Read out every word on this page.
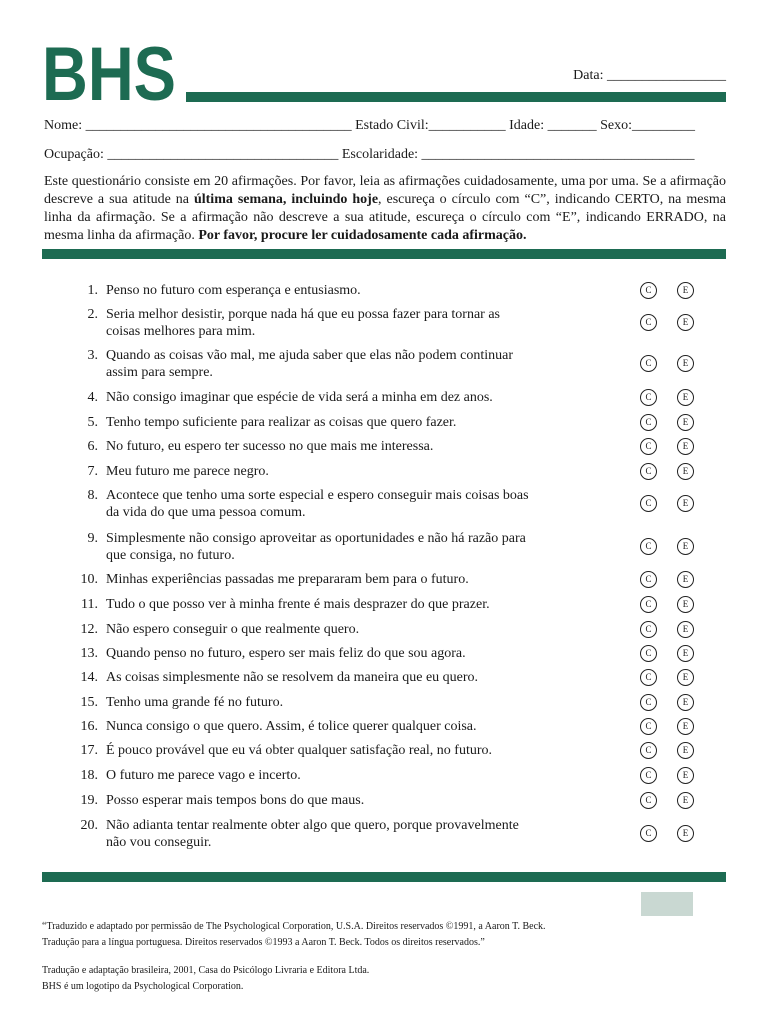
BHS	Data: _________________
Nome: ______________________________________ Estado Civil:___________ Idade: _______ Sexo:_________
Ocupação: _________________________________ Escolaridade: _______________________________________
Este questionário consiste em 20 afirmações. Por favor, leia as afirmações cuidadosamente, uma por uma. Se a afirmação descreve a sua atitude na última semana, incluindo hoje, escureça o círculo com “C”, indicando CERTO, na mesma linha da afirmação. Se a afirmação não descreve a sua atitude, escureça o círculo com “E”, indicando ERRADO, na mesma linha da afirmação. Por favor, procure ler cuidadosamente cada afirmação.
1. Penso no futuro com esperança e entusiasmo.	C	E
2. Seria melhor desistir, porque nada há que eu possa fazer para tornar as coisas melhores para mim.
C	E
3. Quando as coisas vão mal, me ajuda saber que elas não podem continuar assim para sempre.
C	E
4. Não consigo imaginar que espécie de vida será a minha em dez anos.	C	E
5. Tenho tempo suficiente para realizar as coisas que quero fazer.	C	E
6. No futuro, eu espero ter sucesso no que mais me interessa.	C	E
7. Meu futuro me parece negro.	C	E
8. Acontece que tenho uma sorte especial e espero conseguir mais coisas boas da vida do que uma pessoa comum.
C	E
9. Simplesmente não consigo aproveitar as oportunidades e não há razão para que consiga, no futuro.
C	E
10. Minhas experiências passadas me prepararam bem para o futuro.	C	E
11. Tudo o que posso ver à minha frente é mais desprazer do que prazer.	C	E
12. Não espero conseguir o que realmente quero.	C	E
13. Quando penso no futuro, espero ser mais feliz do que sou agora.	C	E
14. As coisas simplesmente não se resolvem da maneira que eu quero.	C	E
15. Tenho uma grande fé no futuro.	C	E
16. Nunca consigo o que quero. Assim, é tolice querer qualquer coisa.	C	E
17. É pouco provável que eu vá obter qualquer satisfação real, no futuro.	C	E
18. O futuro me parece vago e incerto.	C	E
19. Posso esperar mais tempos bons do que maus.	C	E
20. Não adianta tentar realmente obter algo que quero, porque provavelmente não vou conseguir.
C	E
“Traduzido e adaptado por permissão de The Psychological Corporation, U.S.A. Direitos reservados ©1991, a Aaron T. Beck.
Tradução para a língua portuguesa. Direitos reservados ©1993 a Aaron T. Beck. Todos os direitos reservados.”
Tradução e adaptação brasileira, 2001, Casa do Psicólogo Livraria e Editora Ltda.
BHS é um logotipo da Psychological Corporation.
